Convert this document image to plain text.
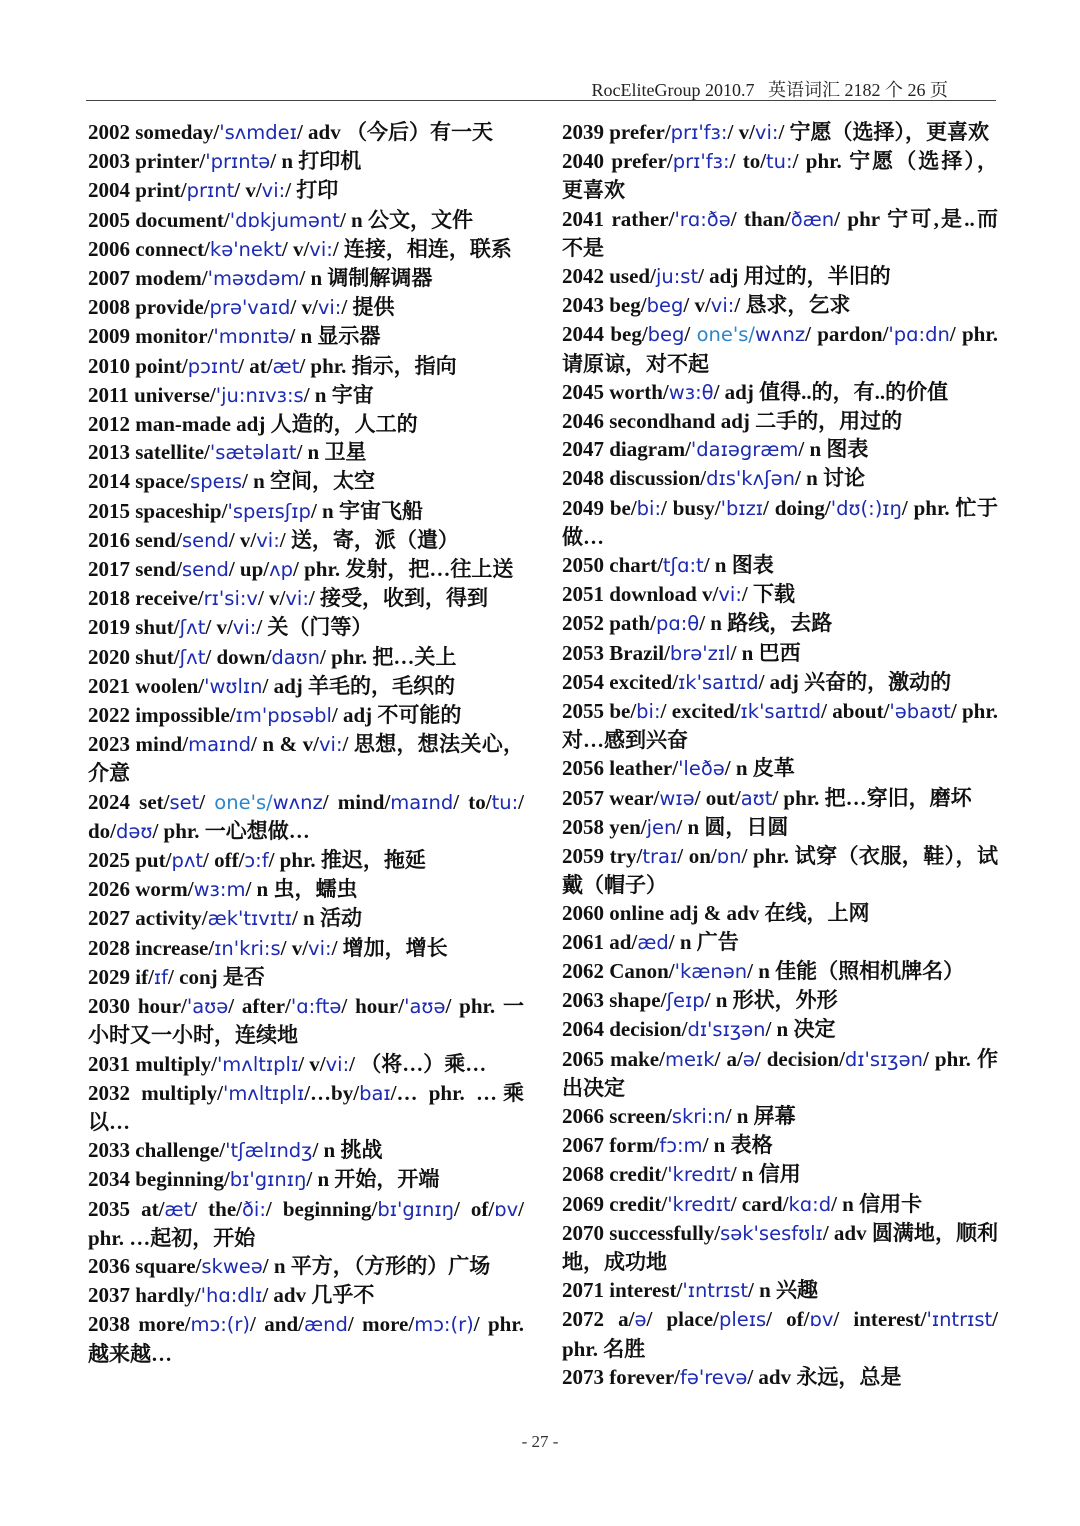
RocEliteGroup 2010.7 英语词汇 2182 个 26 页
2002 someday/'sʌmdeɪ/ adv （今后）有一天
2003 printer/'prɪntə/ n 打印机
2004 print/prɪnt/ v/vi:/ 打印
2005 document/'dɒkjumənt/ n 公文，文件
2006 connect/kə'nekt/ v/vi:/ 连接，相连，联系
2007 modem/'məʊdəm/ n 调制解调器
2008 provide/prə'vaɪd/ v/vi:/ 提供
2009 monitor/'mɒnɪtə/ n 显示器
2010 point/pɔɪnt/ at/æt/ phr. 指示，指向
2011 universe/'ju:nɪvɜ:s/ n 宇宙
2012 man-made adj 人造的，人工的
2013 satellite/'sætəlaɪt/ n 卫星
2014 space/speɪs/ n 空间，太空
2015 spaceship/'speɪsʃɪp/ n 宇宙飞船
2016 send/send/ v/vi:/ 送，寄，派（遣）
2017 send/send/ up/ʌp/ phr. 发射，把…往上送
2018 receive/rɪ'si:v/ v/vi:/ 接受，收到，得到
2019 shut/ʃʌt/ v/vi:/ 关（门等）
2020 shut/ʃʌt/ down/daʊn/ phr. 把…关上
2021 woolen/'wʊlɪn/ adj 羊毛的，毛织的
2022 impossible/ɪm'pɒsəbl/ adj 不可能的
2023 mind/maɪnd/ n & v/vi:/ 思想，想法关心，介意
2024 set/set/ one's/wʌnz/ mind/maɪnd/ to/tu:/ do/dəʊ/ phr. 一心想做…
2025 put/pʌt/ off/ɔ:f/ phr. 推迟，拖延
2026 worm/wɜ:m/ n 虫，蠕虫
2027 activity/æk'tɪvɪtɪ/ n 活动
2028 increase/ɪn'kri:s/ v/vi:/ 增加，增长
2029 if/ɪf/ conj 是否
2030 hour/'aʊə/ after/'ɑ:ftə/ hour/'aʊə/ phr. 一小时又一小时，连续地
2031 multiply/'mʌltɪplɪ/ v/vi:/ （将…）乘…
2032 multiply/'mʌltɪplɪ/…by/baɪ/… phr. …乘以…
2033 challenge/'tʃælɪndʒ/ n 挑战
2034 beginning/bɪ'gɪnɪŋ/ n 开始，开端
2035 at/æt/ the/ði:/ beginning/bɪ'gɪnɪŋ/ of/ɒv/ phr. …起初，开始
2036 square/skweə/ n 平方，（方形的）广场
2037 hardly/'hɑ:dlɪ/ adv 几乎不
2038 more/mɔ:(r)/ and/ænd/ more/mɔ:(r)/ phr. 越来越…
2039 prefer/prɪ'fɜ:/ v/vi:/ 宁愿（选择），更喜欢
2040 prefer/prɪ'fɜ:/ to/tu:/ phr. 宁愿（选择），更喜欢
2041 rather/'rɑ:ðə/ than/ðæn/ phr 宁可,是..而不是
2042 used/ju:st/ adj 用过的，半旧的
2043 beg/beg/ v/vi:/ 恳求，乞求
2044 beg/beg/ one's/wʌnz/ pardon/'pɑ:dn/ phr. 请原谅，对不起
2045 worth/wɜ:θ/ adj 值得..的，有..的价值
2046 secondhand adj 二手的，用过的
2047 diagram/'daɪəgræm/ n 图表
2048 discussion/dɪs'kʌʃən/ n 讨论
2049 be/bi:/ busy/'bɪzɪ/ doing/'dʊ(:)ɪŋ/ phr. 忙于做…
2050 chart/tʃɑ:t/ n 图表
2051 download v/vi:/ 下载
2052 path/pɑ:θ/ n 路线，去路
2053 Brazil/brə'zɪl/ n 巴西
2054 excited/ɪk'saɪtɪd/ adj 兴奋的，激动的
2055 be/bi:/ excited/ɪk'saɪtɪd/ about/'əbaʊt/ phr. 对…感到兴奋
2056 leather/'leðə/ n 皮革
2057 wear/wɪə/ out/aʊt/ phr. 把…穿旧，磨坏
2058 yen/jen/ n 圆，日圆
2059 try/traɪ/ on/ɒn/ phr. 试穿（衣服，鞋），试戴（帽子）
2060 online adj & adv 在线，上网
2061 ad/æd/ n 广告
2062 Canon/'kænən/ n 佳能（照相机牌名）
2063 shape/ʃeɪp/ n 形状，外形
2064 decision/dɪ'sɪʒən/ n 决定
2065 make/meɪk/ a/ə/ decision/dɪ'sɪʒən/ phr. 作出决定
2066 screen/skri:n/ n 屏幕
2067 form/fɔ:m/ n 表格
2068 credit/'kredɪt/ n 信用
2069 credit/'kredɪt/ card/kɑ:d/ n 信用卡
2070 successfully/sək'sesfʊlɪ/ adv 圆满地，顺利地，成功地
2071 interest/'ɪntrɪst/ n 兴趣
2072 a/ə/ place/pleɪs/ of/ɒv/ interest/'ɪntrɪst/ phr. 名胜
2073 forever/fə'revə/ adv 永远，总是
- 27 -
